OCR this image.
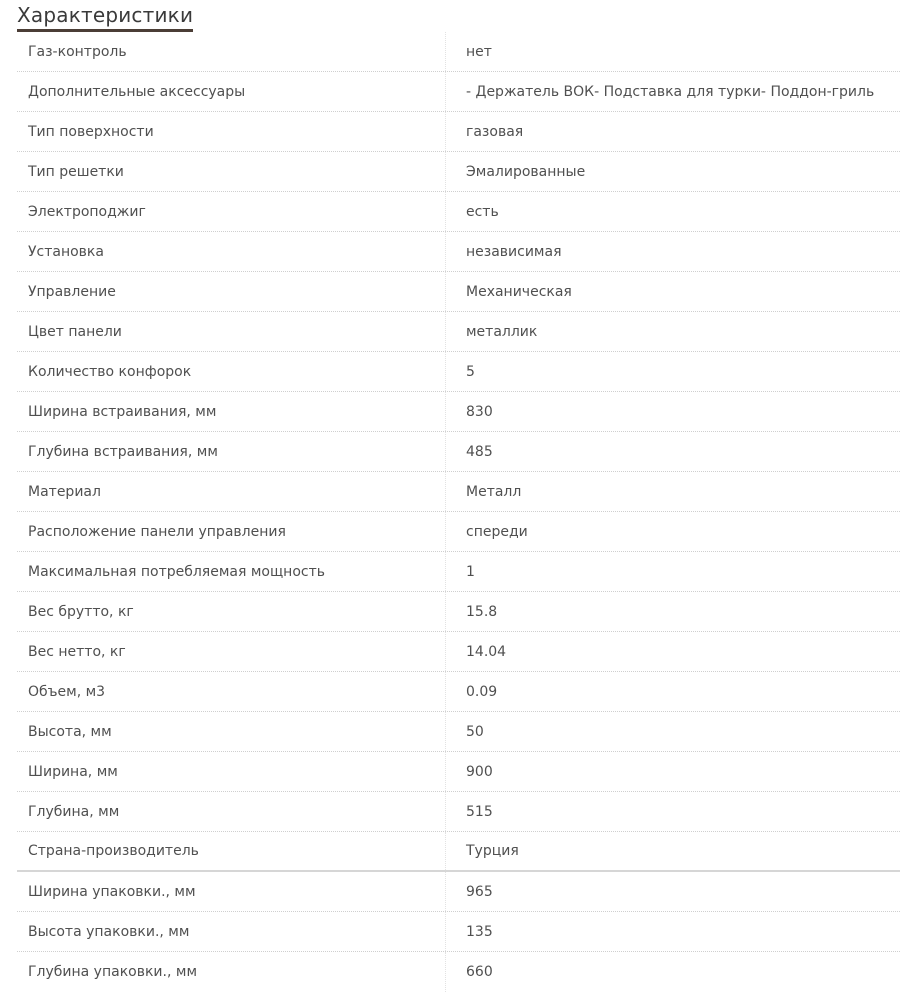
Характеристики
Газ-контроль	нет
Дополнительные аксессуары	- Держатель ВОК- Подставка для турки- Поддон-гриль
Тип поверхности	газовая
Тип решетки	Эмалированные
Электроподжиг	есть
Установка	независимая
Управление	Механическая
Цвет панели	металлик
Количество конфорок	5
Ширина встраивания, мм	830
Глубина встраивания, мм	485
Материал	Металл
Расположение панели управления	спереди
Максимальная потребляемая мощность	1
Вес брутто, кг	15.8
Вес нетто, кг	14.04
Объем, м3	0.09
Высота, мм	50
Ширина, мм	900
Глубина, мм	515
Страна-производитель	Турция
Ширина упаковки., мм	965
Высота упаковки., мм	135
Глубина упаковки., мм	660
